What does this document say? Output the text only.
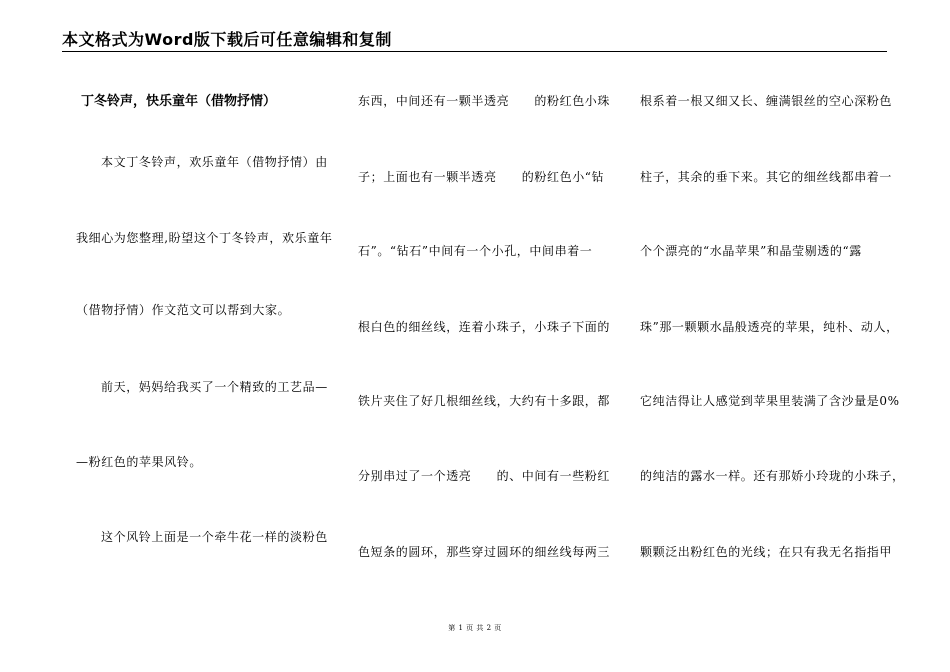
本文格式为Word版下载后可任意编辑和复制
丁冬铃声，快乐童年（借物抒情）
本文丁冬铃声，欢乐童年（借物抒情）由
我细心为您整理,盼望这个丁冬铃声，欢乐童年
（借物抒情）作文范文可以帮到大家。
前天，妈妈给我买了一个精致的工艺品—
—粉红色的苹果风铃。
这个风铃上面是一个牵牛花一样的淡粉色
东西，中间还有一颗半透亮　　的粉红色小珠
子；上面也有一颗半透亮　　的粉红色小“钻
石”。“钻石”中间有一个小孔，中间串着一
根白色的细丝线，连着小珠子，小珠子下面的
铁片夹住了好几根细丝线，大约有十多跟，都
分别串过了一个透亮　　的、中间有一些粉红
色短条的圆环，那些穿过圆环的细丝线每两三
根系着一根又细又长、缠满银丝的空心深粉色
柱子，其余的垂下来。其它的细丝线都串着一
个个漂亮的“水晶苹果”和晶莹剔透的“露
珠”那一颗颗水晶般透亮的苹果，纯朴、动人，
它纯洁得让人感觉到苹果里装满了含沙量是0%
的纯洁的露水一样。还有那娇小玲珑的小珠子，
颗颗泛出粉红色的光线；在只有我无名指指甲
第 1 页 共 2 页
